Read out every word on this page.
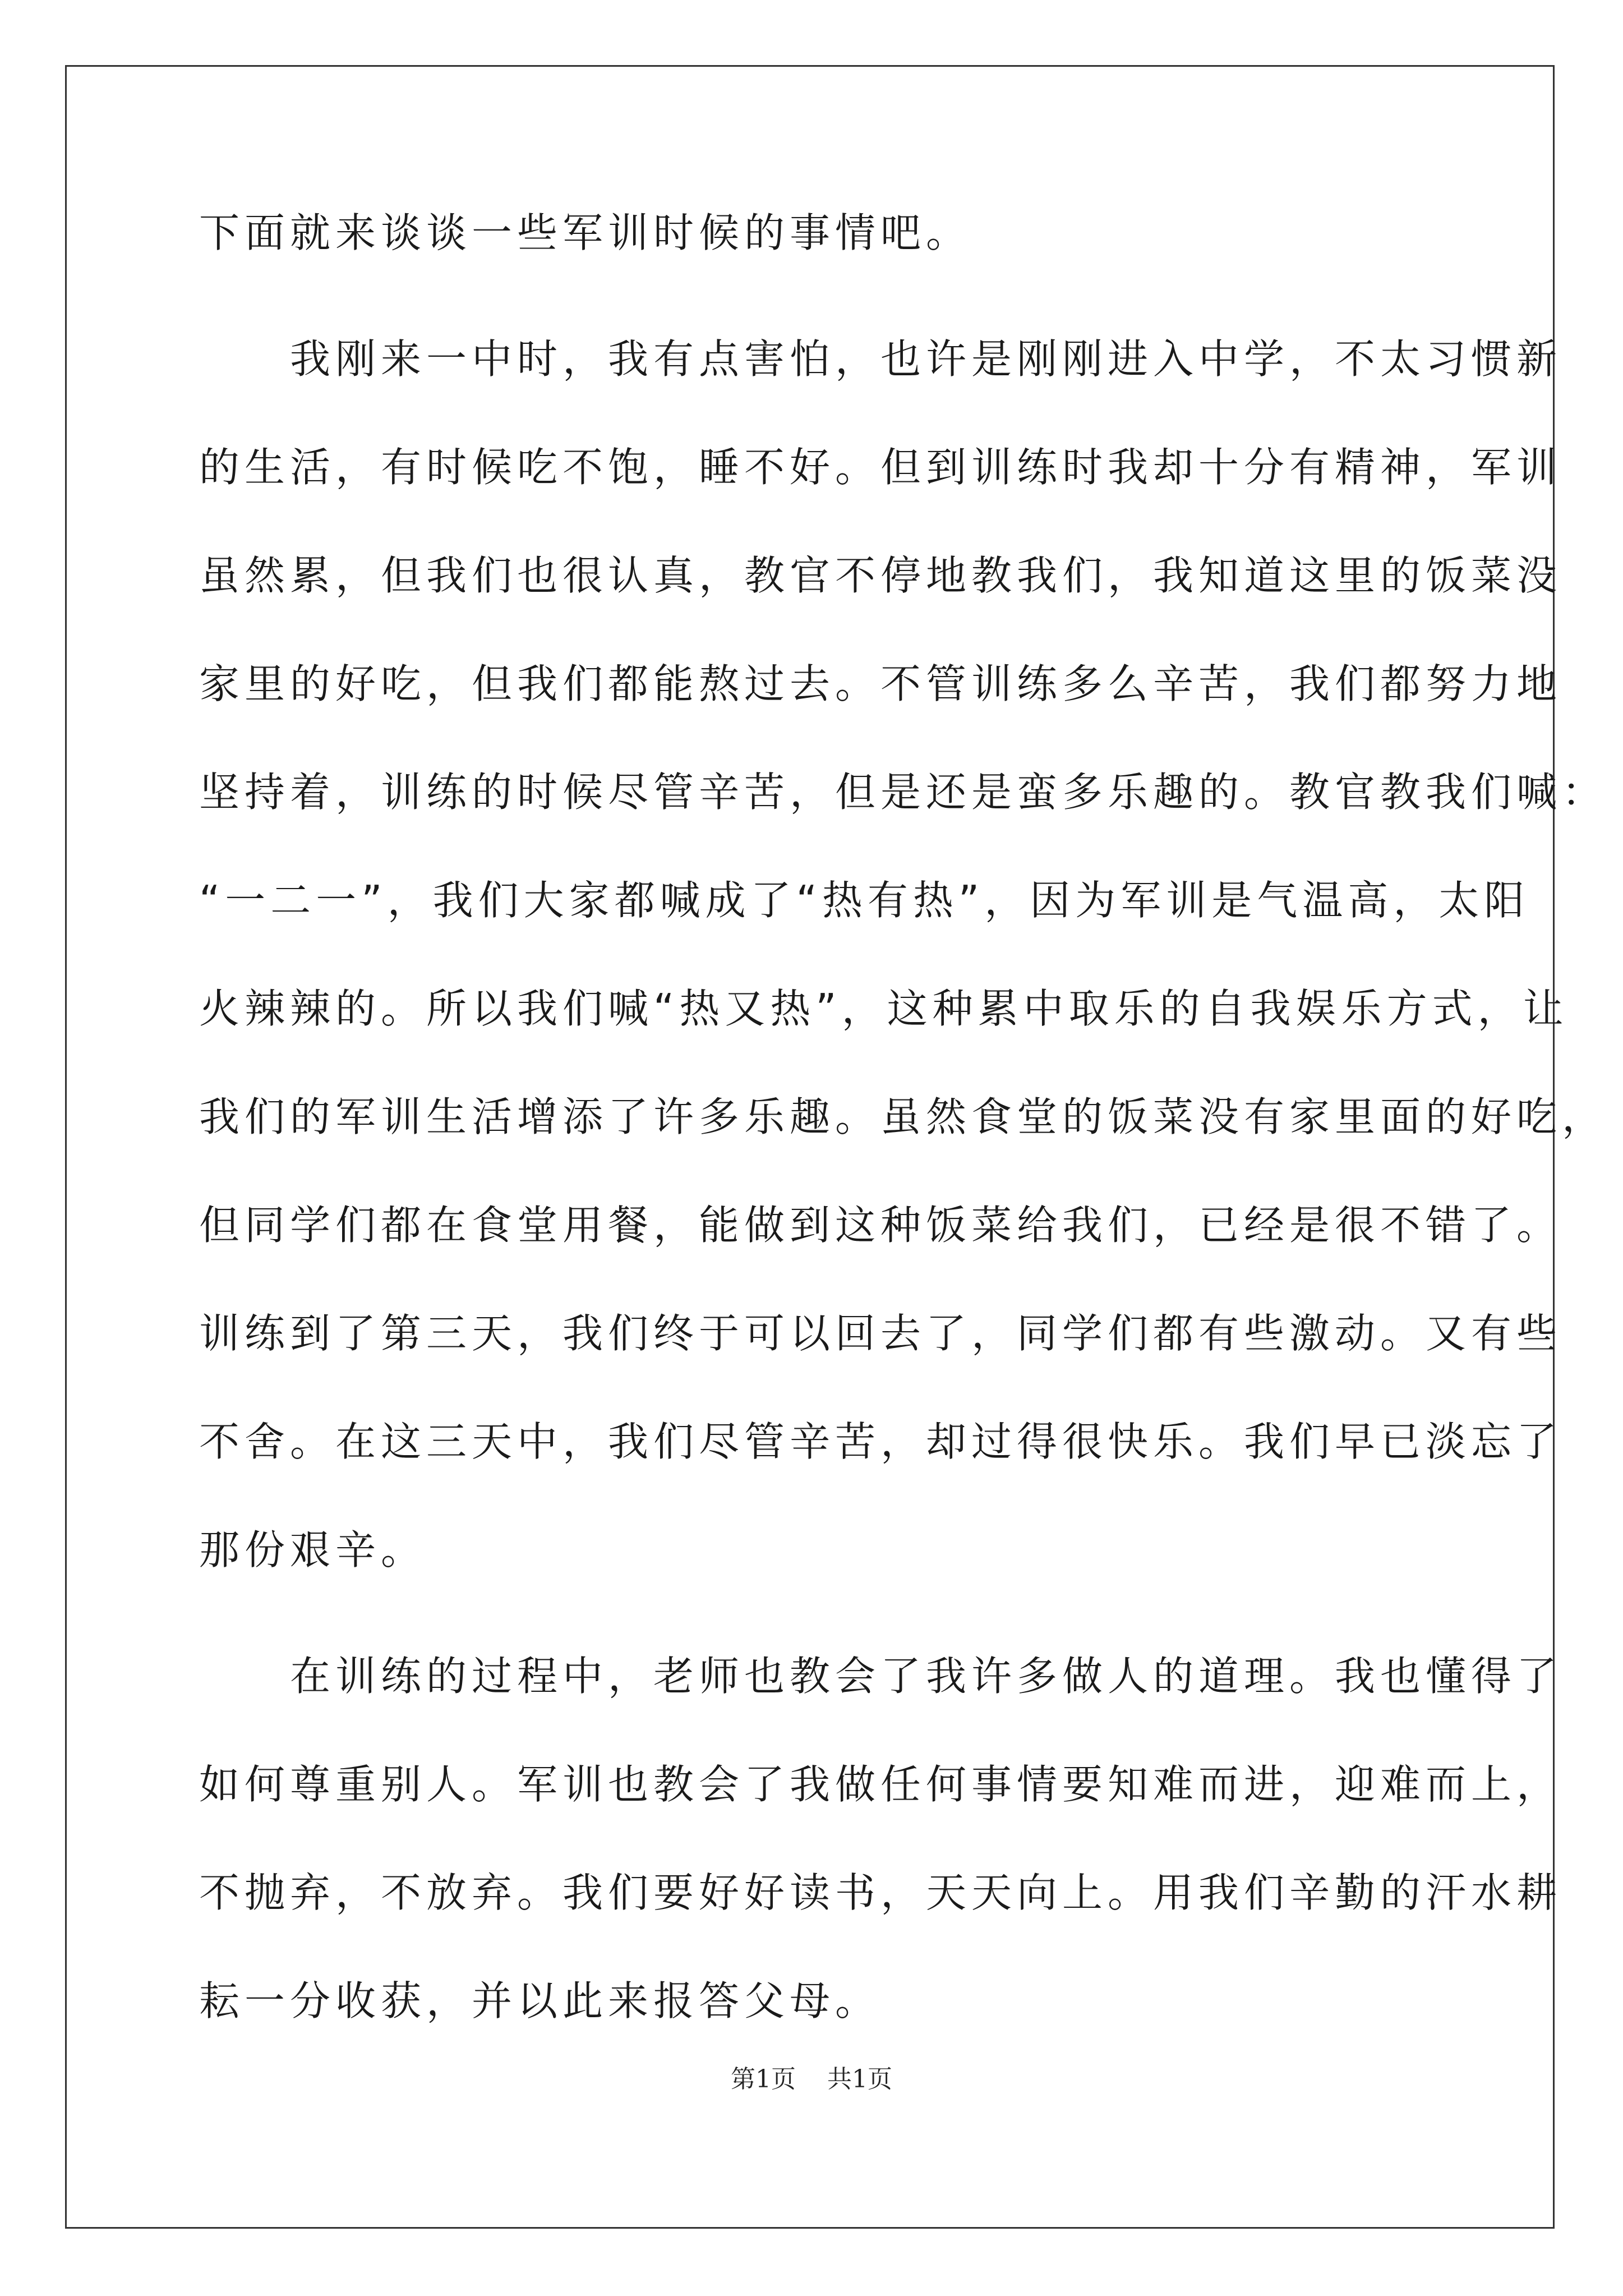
下面就来谈谈一些军训时候的事情吧。
　　我刚来一中时，我有点害怕，也许是刚刚进入中学，不太习惯新
的生活，有时候吃不饱，睡不好。但到训练时我却十分有精神，军训
虽然累，但我们也很认真，教官不停地教我们，我知道这里的饭菜没
家里的好吃，但我们都能熬过去。不管训练多么辛苦，我们都努力地
坚持着，训练的时候尽管辛苦，但是还是蛮多乐趣的。教官教我们喊：
“一二一”，我们大家都喊成了“热有热”，因为军训是气温高，太阳
火辣辣的。所以我们喊“热又热”，这种累中取乐的自我娱乐方式，让
我们的军训生活增添了许多乐趣。虽然食堂的饭菜没有家里面的好吃，
但同学们都在食堂用餐，能做到这种饭菜给我们，已经是很不错了。
训练到了第三天，我们终于可以回去了，同学们都有些激动。又有些
不舍。在这三天中，我们尽管辛苦，却过得很快乐。我们早已淡忘了
那份艰辛。
　　在训练的过程中，老师也教会了我许多做人的道理。我也懂得了
如何尊重别人。军训也教会了我做任何事情要知难而进，迎难而上，
不抛弃，不放弃。我们要好好读书，天天向上。用我们辛勤的汗水耕
耘一分收获，并以此来报答父母。
第1页 共1页
